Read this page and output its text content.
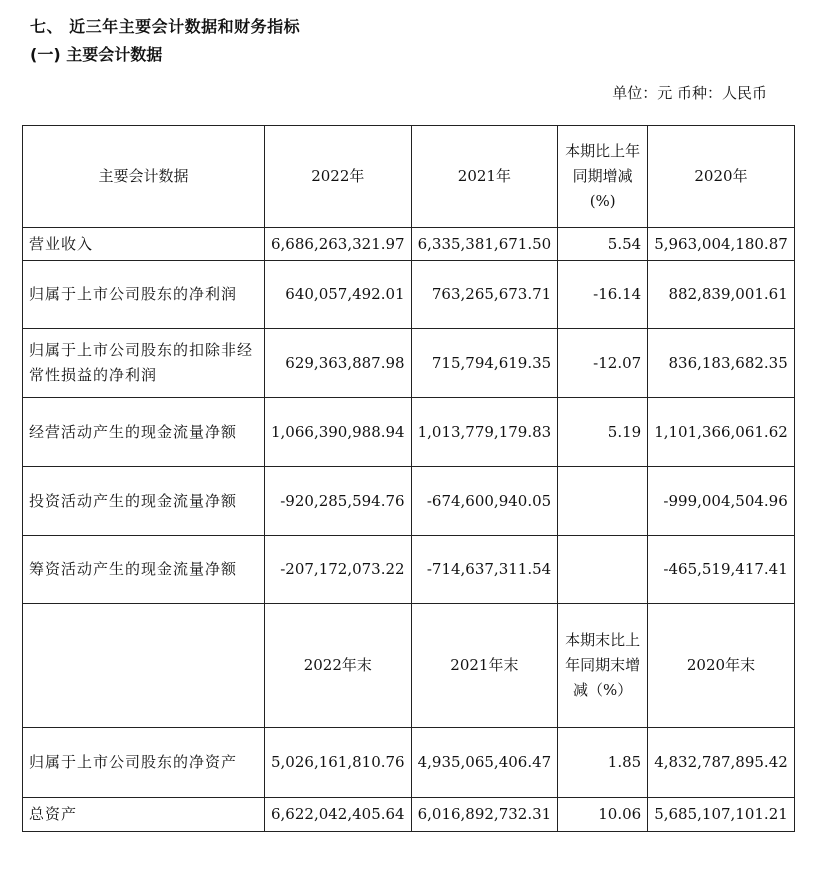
七、 近三年主要会计数据和财务指标
(一) 主要会计数据
单位：元 币种：人民币
主要会计数据	2022年	2021年	本期比上年同期增减(%)	2020年
营业收入	6,686,263,321.97	6,335,381,671.50	5.54	5,963,004,180.87
归属于上市公司股东的净利润	640,057,492.01	763,265,673.71	-16.14	882,839,001.61
归属于上市公司股东的扣除非经常性损益的净利润	629,363,887.98	715,794,619.35	-12.07	836,183,682.35
经营活动产生的现金流量净额	1,066,390,988.94	1,013,779,179.83	5.19	1,101,366,061.62
投资活动产生的现金流量净额	-920,285,594.76	-674,600,940.05		-999,004,504.96
筹资活动产生的现金流量净额	-207,172,073.22	-714,637,311.54		-465,519,417.41
	2022年末	2021年末	本期末比上年同期末增减（%）	2020年末
归属于上市公司股东的净资产	5,026,161,810.76	4,935,065,406.47	1.85	4,832,787,895.42
总资产	6,622,042,405.64	6,016,892,732.31	10.06	5,685,107,101.21
